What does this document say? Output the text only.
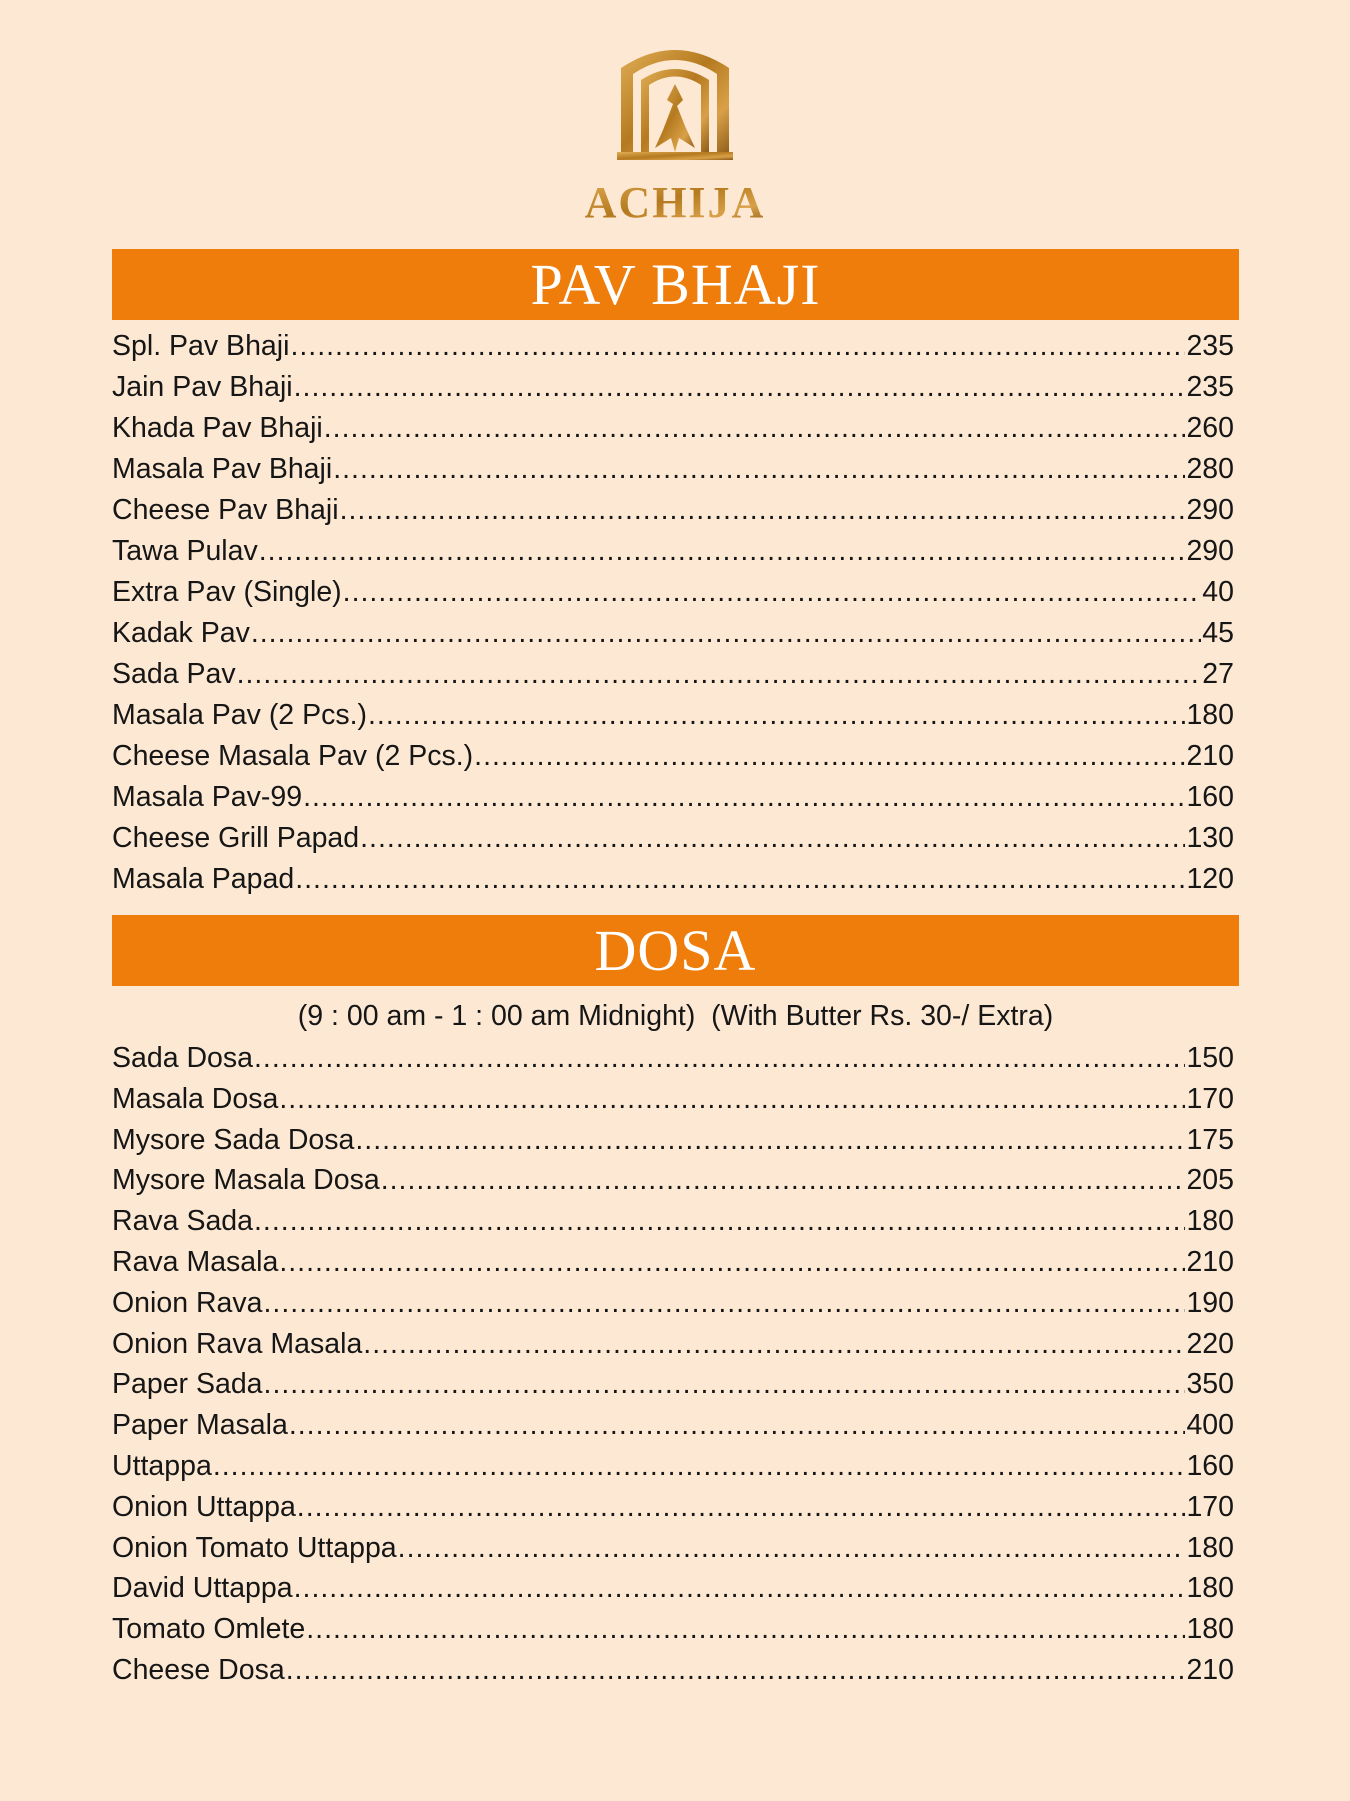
ACHIJA
PAV BHAJI
Spl. Pav Bhaji .....	235
Jain Pav Bhaji .....	235
Khada Pav Bhaji .....	260
Masala Pav Bhaji .....	280
Cheese Pav Bhaji .....	290
Tawa Pulav .....	290
Extra Pav (Single) .....	40
Kadak Pav .....	45
Sada Pav .....	27
Masala Pav (2 Pcs.) .....	180
Cheese Masala Pav (2 Pcs.) .....	210
Masala Pav-99 .....	160
Cheese Grill Papad .....	130
Masala Papad .....	120
DOSA
(9 : 00 am - 1 : 00 am Midnight)  (With Butter Rs. 30-/ Extra)
Sada Dosa .....	150
Masala Dosa .....	170
Mysore Sada Dosa .....	175
Mysore Masala Dosa .....	205
Rava Sada .....	180
Rava Masala .....	210
Onion Rava .....	190
Onion Rava Masala .....	220
Paper Sada .....	350
Paper Masala .....	400
Uttappa .....	160
Onion Uttappa .....	170
Onion Tomato Uttappa .....	180
David Uttappa .....	180
Tomato Omlete .....	180
Cheese Dosa .....	210
